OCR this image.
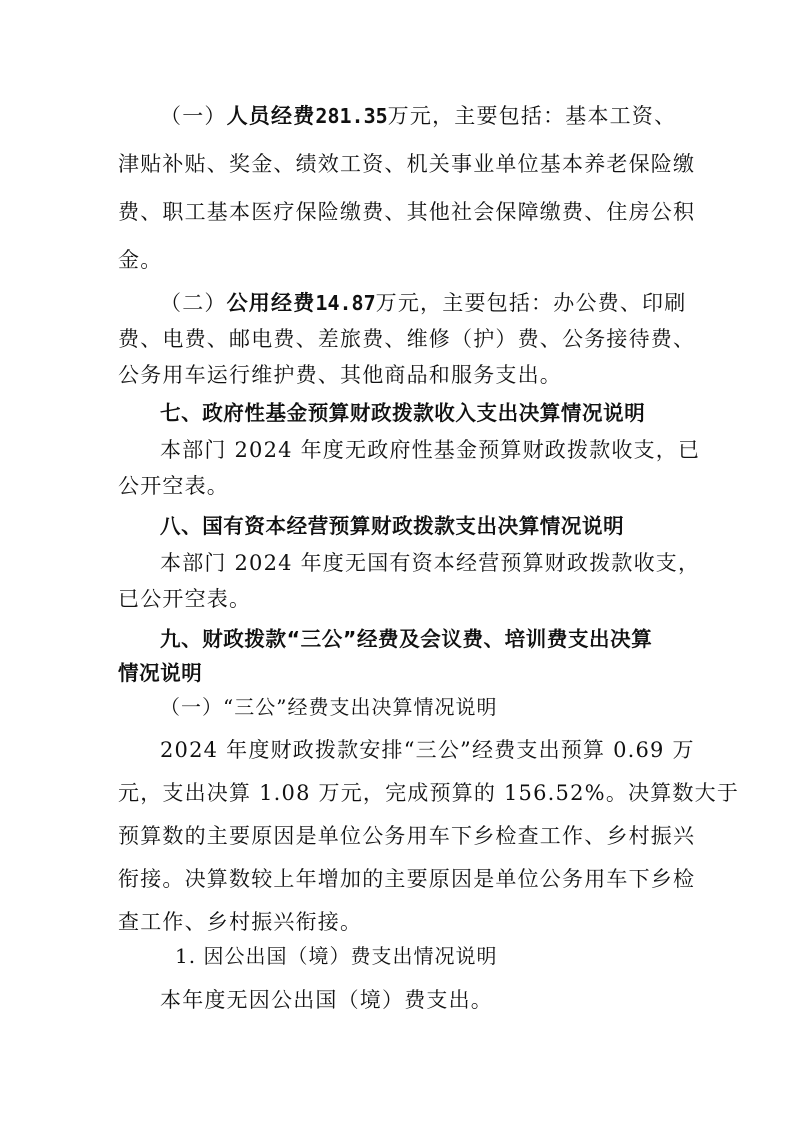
（一）人员经费281.35万元，主要包括：基本工资、
津贴补贴、奖金、绩效工资、机关事业单位基本养老保险缴
费、职工基本医疗保险缴费、其他社会保障缴费、住房公积
金。
（二）公用经费14.87万元，主要包括：办公费、印刷
费、电费、邮电费、差旅费、维修（护）费、公务接待费、
公务用车运行维护费、其他商品和服务支出。
七、政府性基金预算财政拨款收入支出决算情况说明
本部门 2024 年度无政府性基金预算财政拨款收支，已
公开空表。
八、国有资本经营预算财政拨款支出决算情况说明
本部门 2024 年度无国有资本经营预算财政拨款收支，
已公开空表。
九、财政拨款“三公”经费及会议费、培训费支出决算
情况说明
（一）“三公”经费支出决算情况说明
2024 年度财政拨款安排“三公”经费支出预算 0.69 万
元，支出决算 1.08 万元，完成预算的 156.52%。决算数大于
预算数的主要原因是单位公务用车下乡检查工作、乡村振兴
衔接。决算数较上年增加的主要原因是单位公务用车下乡检
查工作、乡村振兴衔接。
1. 因公出国（境）费支出情况说明
本年度无因公出国（境）费支出。
